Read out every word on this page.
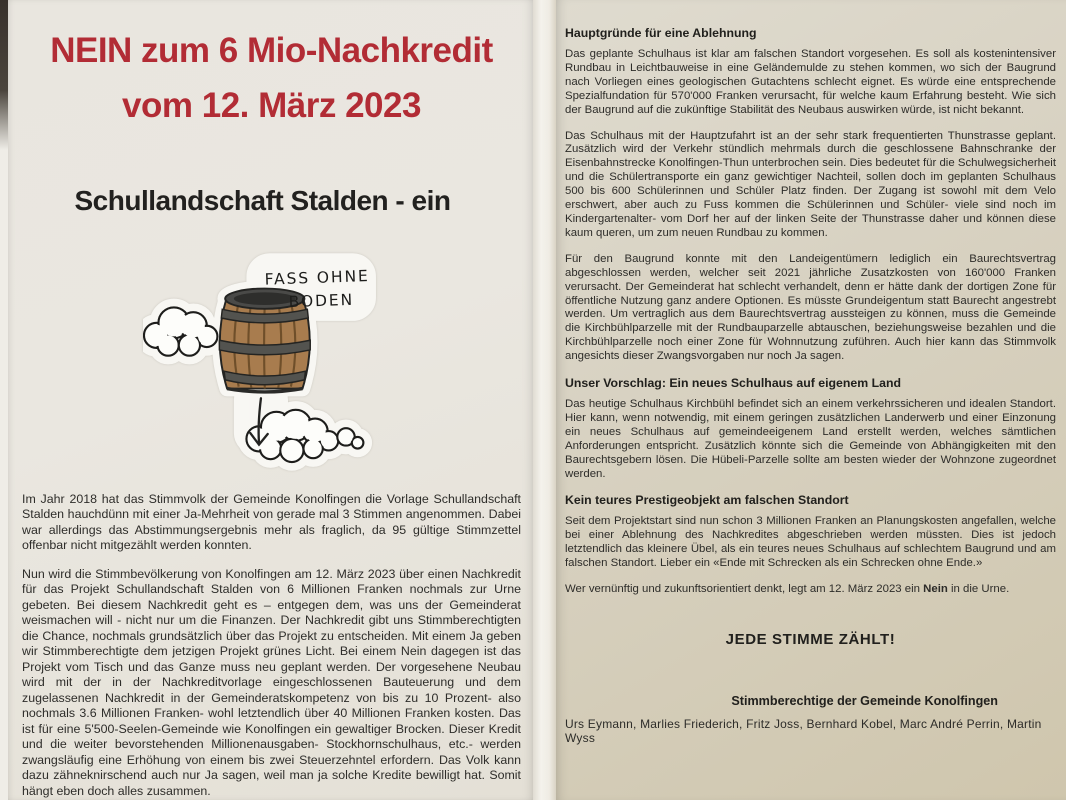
NEIN zum 6 Mio-Nachkredit
vom 12. März 2023
Schullandschaft Stalden - ein

Im Jahr 2018 hat das Stimmvolk der Gemeinde Konolfingen die Vorlage Schullandschaft Stalden hauchdünn mit einer Ja-Mehrheit von gerade mal 3 Stimmen angenommen. Dabei war allerdings das Abstimmungsergebnis mehr als fraglich, da 95 gültige Stimmzettel offenbar nicht mitgezählt werden konnten.

Nun wird die Stimmbevölkerung von Konolfingen am 12. März 2023 über einen Nachkredit für das Projekt Schullandschaft Stalden von 6 Millionen Franken nochmals zur Urne gebeten. Bei diesem Nachkredit geht es – entgegen dem, was uns der Gemeinderat weismachen will - nicht nur um die Finanzen. Der Nachkredit gibt uns Stimmberechtigten die Chance, nochmals grundsätzlich über das Projekt zu entscheiden. Mit einem Ja geben wir Stimmberechtigte dem jetzigen Projekt grünes Licht. Bei einem Nein dagegen ist das Projekt vom Tisch und das Ganze muss neu geplant werden. Der vorgesehene Neubau wird mit der in der Nachkreditvorlage eingeschlossenen Bauteuerung und dem zugelassenen Nachkredit in der Gemeinderatskompetenz von bis zu 10 Prozent- also nochmals 3.6 Millionen Franken- wohl letztendlich über 40 Millionen Franken kosten. Das ist für eine 5'500-Seelen-Gemeinde wie Konolfingen ein gewaltiger Brocken. Dieser Kredit und die weiter bevorstehenden Millionenausgaben- Stockhornschulhaus, etc.- werden zwangsläufig eine Erhöhung von einem bis zwei Steuerzehntel erfordern. Das Volk kann dazu zähneknirschend auch nur Ja sagen, weil man ja solche Kredite bewilligt hat. Somit hängt eben doch alles zusammen.

FASS OHNE
BODEN
Hauptgründe für eine Ablehnung

Das geplante Schulhaus ist klar am falschen Standort vorgesehen. Es soll als kostenintensiver Rundbau in Leichtbauweise in eine Geländemulde zu stehen kommen, wo sich der Baugrund nach Vorliegen eines geologischen Gutachtens schlecht eignet. Es würde eine entsprechende Spezialfundation für 570'000 Franken verursacht, für welche kaum Erfahrung besteht. Wie sich der Baugrund auf die zukünftige Stabilität des Neubaus auswirken würde, ist nicht bekannt.

Das Schulhaus mit der Hauptzufahrt ist an der sehr stark frequentierten Thunstrasse geplant. Zusätzlich wird der Verkehr stündlich mehrmals durch die geschlossene Bahnschranke der Eisenbahnstrecke Konolfingen-Thun unterbrochen sein. Dies bedeutet für die Schulwegsicherheit und die Schülertransporte ein ganz gewichtiger Nachteil, sollen doch im geplanten Schulhaus 500 bis 600 Schülerinnen und Schüler Platz finden. Der Zugang ist sowohl mit dem Velo erschwert, aber auch zu Fuss kommen die Schülerinnen und Schüler- viele sind noch im Kindergartenalter- vom Dorf her auf der linken Seite der Thunstrasse daher und können diese kaum queren, um zum neuen Rundbau zu kommen.

Für den Baugrund konnte mit den Landeigentümern lediglich ein Baurechtsvertrag abgeschlossen werden, welcher seit 2021 jährliche Zusatzkosten von 160'000 Franken verursacht. Der Gemeinderat hat schlecht verhandelt, denn er hätte dank der dortigen Zone für öffentliche Nutzung ganz andere Optionen. Es müsste Grundeigentum statt Baurecht angestrebt werden. Um vertraglich aus dem Baurechtsvertrag aussteigen zu können, muss die Gemeinde die Kirchbühlparzelle mit der Rundbauparzelle abtauschen, beziehungsweise bezahlen und die Kirchbühlparzelle noch einer Zone für Wohnnutzung zuführen. Auch hier kann das Stimmvolk angesichts dieser Zwangsvorgaben nur noch Ja sagen.

Unser Vorschlag: Ein neues Schulhaus auf eigenem Land

Das heutige Schulhaus Kirchbühl befindet sich an einem verkehrssicheren und idealen Standort. Hier kann, wenn notwendig, mit einem geringen zusätzlichen Landerwerb und einer Einzonung ein neues Schulhaus auf gemeindeeigenem Land erstellt werden, welches sämtlichen Anforderungen entspricht. Zusätzlich könnte sich die Gemeinde von Abhängigkeiten mit den Baurechtsgebern lösen. Die Hübeli-Parzelle sollte am besten wieder der Wohnzone zugeordnet werden.

Kein teures Prestigeobjekt am falschen Standort

Seit dem Projektstart sind nun schon 3 Millionen Franken an Planungskosten angefallen, welche bei einer Ablehnung des Nachkredites abgeschrieben werden müssten. Dies ist jedoch letztendlich das kleinere Übel, als ein teures neues Schulhaus auf schlechtem Baugrund und am falschen Standort. Lieber ein «Ende mit Schrecken als ein Schrecken ohne Ende.»

Wer vernünftig und zukunftsorientiert denkt, legt am 12. März 2023 ein Nein in die Urne.

JEDE STIMME ZÄHLT!

Stimmberechtige der Gemeinde Konolfingen

Urs Eymann, Marlies Friederich, Fritz Joss, Bernhard Kobel, Marc André Perrin, Martin Wyss
